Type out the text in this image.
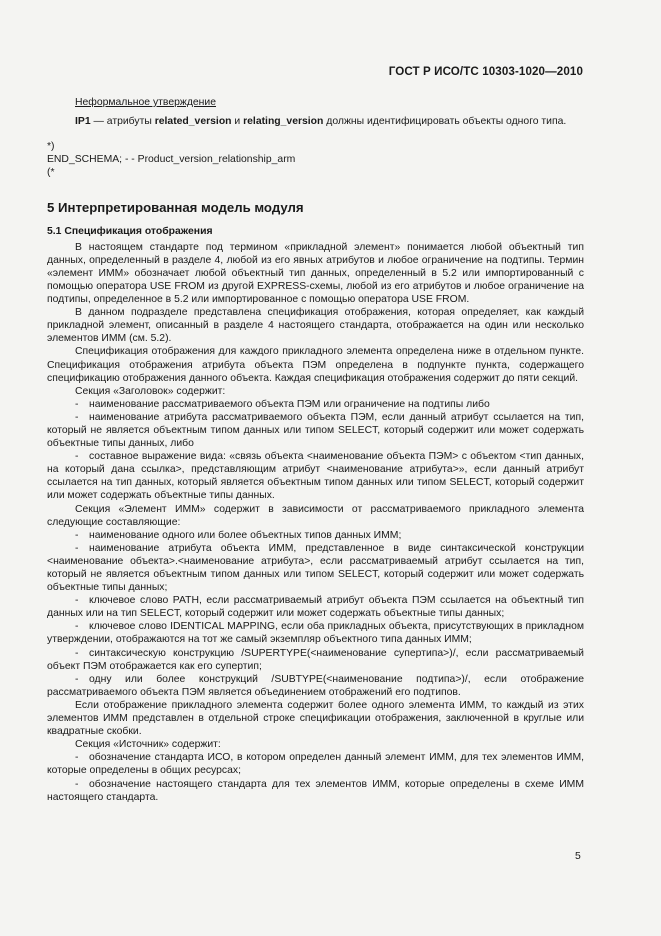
ГОСТ Р ИСО/ТС 10303-1020—2010

Неформальное утверждение

IP1 — атрибуты related_version и relating_version должны идентифицировать объекты одного типа.

*)

END_SCHEMA; - - Product_version_relationship_arm

(*

5 Интерпретированная модель модуля

5.1 Спецификация отображения

В настоящем стандарте под термином «прикладной элемент» понимается любой объектный тип данных, определенный в разделе 4, любой из его явных атрибутов и любое ограничение на подтипы. Термин «элемент ИММ» обозначает любой объектный тип данных, определенный в 5.2 или импортированный с помощью оператора USE FROM из другой EXPRESS-схемы, любой из его атрибутов и любое ограничение на подтипы, определенное в 5.2 или импортированное с помощью оператора USE FROM.

В данном подразделе представлена спецификация отображения, которая определяет, как каждый прикладной элемент, описанный в разделе 4 настоящего стандарта, отображается на один или несколько элементов ИММ (см. 5.2).

Спецификация отображения для каждого прикладного элемента определена ниже в отдельном пункте. Спецификация отображения атрибута объекта ПЭМ определена в подпункте пункта, содержащего спецификацию отображения данного объекта. Каждая спецификация отображения содержит до пяти секций.

Секция «Заголовок» содержит:

- наименование рассматриваемого объекта ПЭМ или ограничение на подтипы либо

- наименование атрибута рассматриваемого объекта ПЭМ, если данный атрибут ссылается на тип, который не является объектным типом данных или типом SELECT, который содержит или может содержать объектные типы данных, либо

- составное выражение вида: «связь объекта <наименование объекта ПЭМ> с объектом <тип данных, на который дана ссылка>, представляющим атрибут <наименование атрибута>», если данный атрибут ссылается на тип данных, который является объектным типом данных или типом SELECT, который содержит или может содержать объектные типы данных.

Секция «Элемент ИММ» содержит в зависимости от рассматриваемого прикладного элемента следующие составляющие:

- наименование одного или более объектных типов данных ИММ;

- наименование атрибута объекта ИММ, представленное в виде синтаксической конструкции <наименование объекта>.<наименование атрибута>, если рассматриваемый атрибут ссылается на тип, который не является объектным типом данных или типом SELECT, который содержит или может содержать объектные типы данных;

- ключевое слово PATH, если рассматриваемый атрибут объекта ПЭМ ссылается на объектный тип данных или на тип SELECT, который содержит или может содержать объектные типы данных;

- ключевое слово IDENTICAL MAPPING, если оба прикладных объекта, присутствующих в прикладном утверждении, отображаются на тот же самый экземпляр объектного типа данных ИММ;

- синтаксическую конструкцию /SUPERTYPE(<наименование супертипа>)/, если рассматриваемый объект ПЭМ отображается как его супертип;

- одну или более конструкций /SUBTYPE(<наименование подтипа>)/, если отображение рассматриваемого объекта ПЭМ является объединением отображений его подтипов.

Если отображение прикладного элемента содержит более одного элемента ИММ, то каждый из этих элементов ИММ представлен в отдельной строке спецификации отображения, заключенной в круглые или квадратные скобки.

Секция «Источник» содержит:

- обозначение стандарта ИСО, в котором определен данный элемент ИММ, для тех элементов ИММ, которые определены в общих ресурсах;

- обозначение настоящего стандарта для тех элементов ИММ, которые определены в схеме ИММ настоящего стандарта.

5
